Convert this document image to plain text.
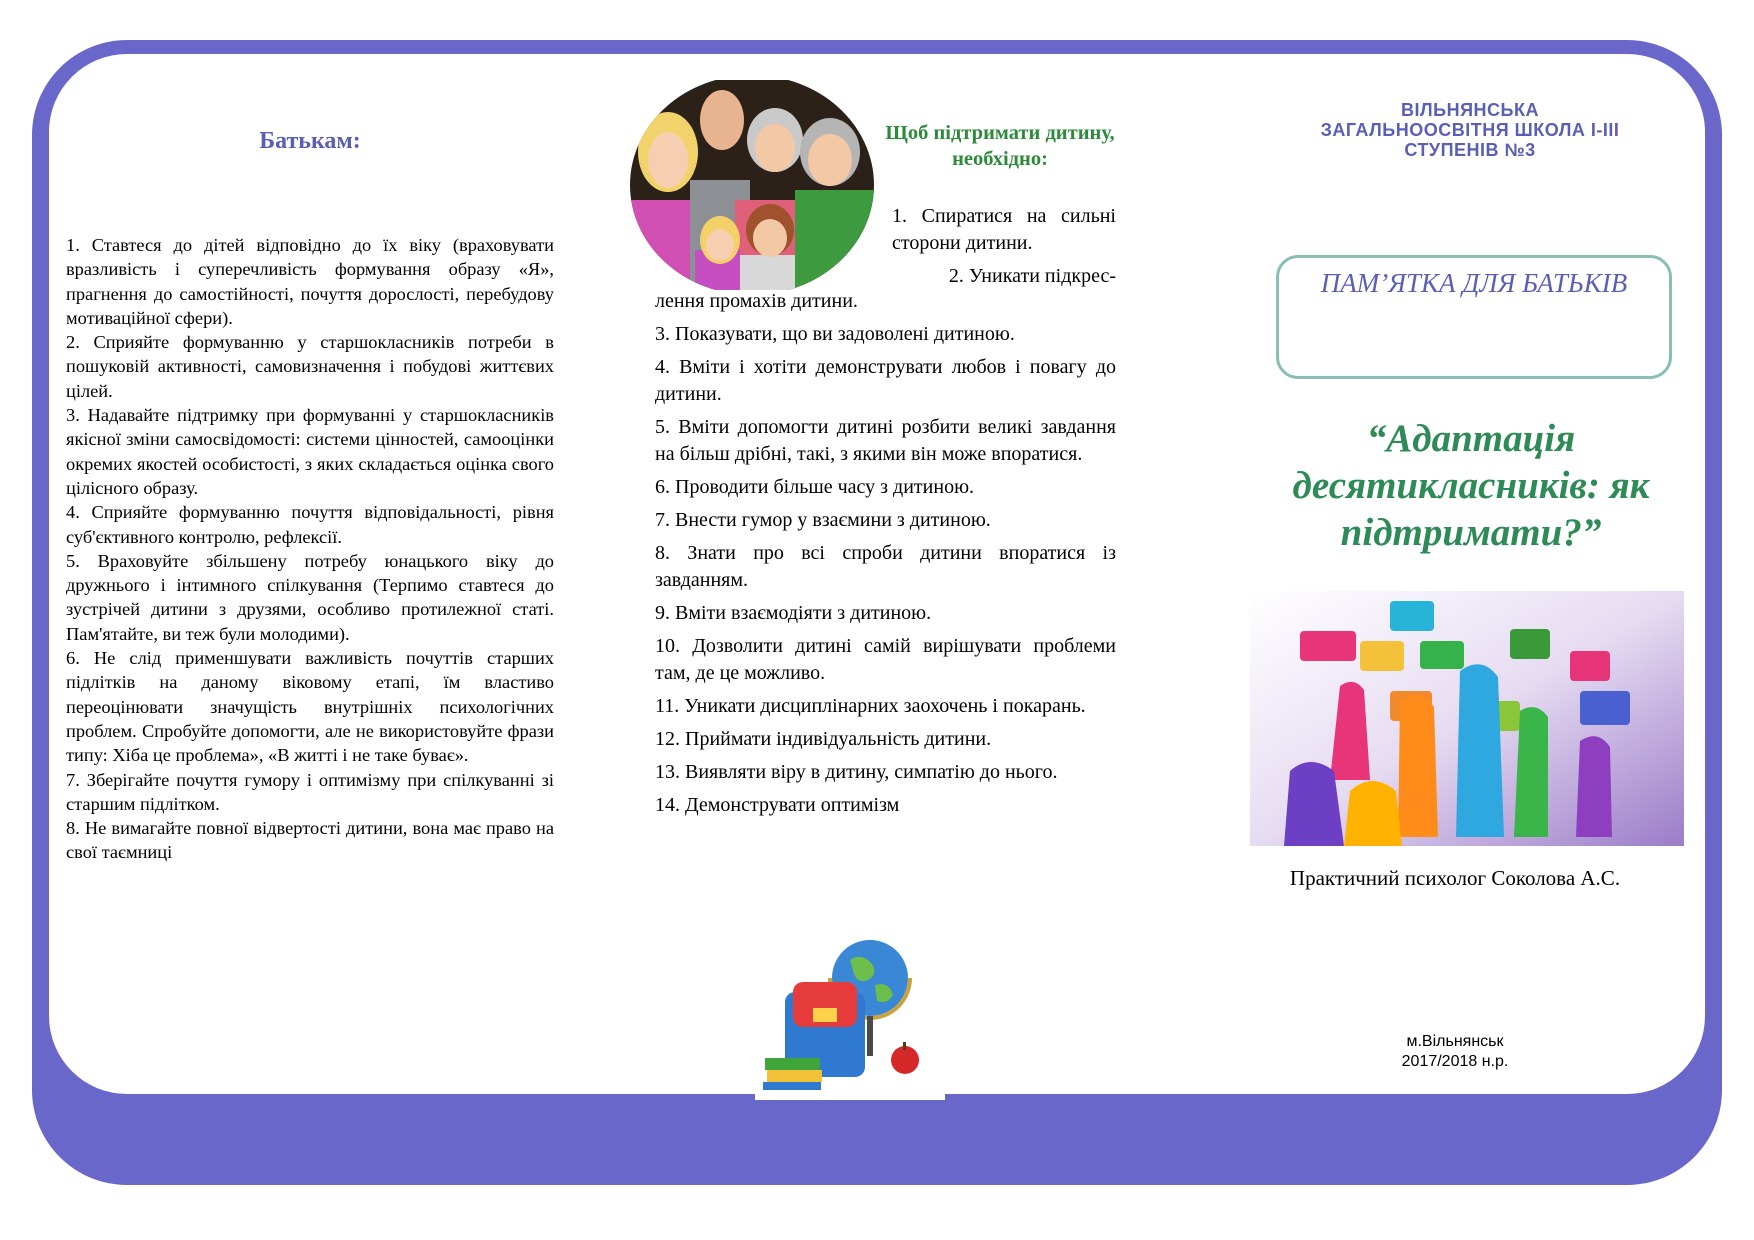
Батькам:
1. Ставтеся до дітей відповідно до їх віку (враховувати вразливість і суперечливість формування образу «Я», прагнення до самостійності, почуття дорослості, перебудову мотиваційної сфери).
2. Сприяйте формуванню у старшокласників потреби в пошуковій активності, самовизначення і побудові життєвих цілей.
3. Надавайте підтримку при формуванні у старшокласників якісної зміни самосвідомості: системи цінностей, самооцінки окремих якостей особистості, з яких складається оцінка свого цілісного образу.
4. Сприяйте формуванню почуття відповідальності, рівня суб'єктивного контролю, рефлексії.
5. Враховуйте збільшену потребу юнацького віку до дружнього і інтимного спілкування (Терпимо ставтеся до зустрічей дитини з друзями, особливо протилежної статі. Пам'ятайте, ви теж були молодими).
6. Не слід применшувати важливість почуттів старших підлітків на даному віковому етапі, їм властиво переоцінювати значущість внутрішніх психологічних проблем. Спробуйте допомогти, але не використовуйте фрази типу: Хіба це проблема», «В житті і не таке буває».
7. Зберігайте почуття гумору і оптимізму при спілкуванні зі старшим підлітком.
8. Не вимагайте повної відвертості дитини, вона має право на свої таємниці
Щоб підтримати дитину, необхідно:
1. Спиратися на сильні сторони дитини.
2. Уникати підкрес-
лення промахів дитини.
3. Показувати, що ви задоволені дитиною.
4. Вміти і хотіти демонструвати любов і повагу до дитини.
5. Вміти допомогти дитині розбити великі завдання на більш дрібні, такі, з якими він може впоратися.
6. Проводити більше часу з дитиною.
7. Внести гумор у взаємини з дитиною.
8. Знати про всі спроби дитини впоратися із завданням.
9. Вміти взаємодіяти з дитиною.
10. Дозволити дитині самій вирішувати проблеми там, де це можливо.
11. Уникати дисциплінарних заохочень і покарань.
12. Приймати індивідуальність дитини.
13. Виявляти віру в дитину, симпатію до нього.
14. Демонструвати оптимізм
ВІЛЬНЯНСЬКА
ЗАГАЛЬНООСВІТНЯ ШКОЛА І-ІІІ
СТУПЕНІВ №3
ПАМ’ЯТКА ДЛЯ БАТЬКІВ
“Адаптація десятикласників: як підтримати?”
Практичний психолог Соколова А.С.
м.Вільнянськ
2017/2018 н.р.
